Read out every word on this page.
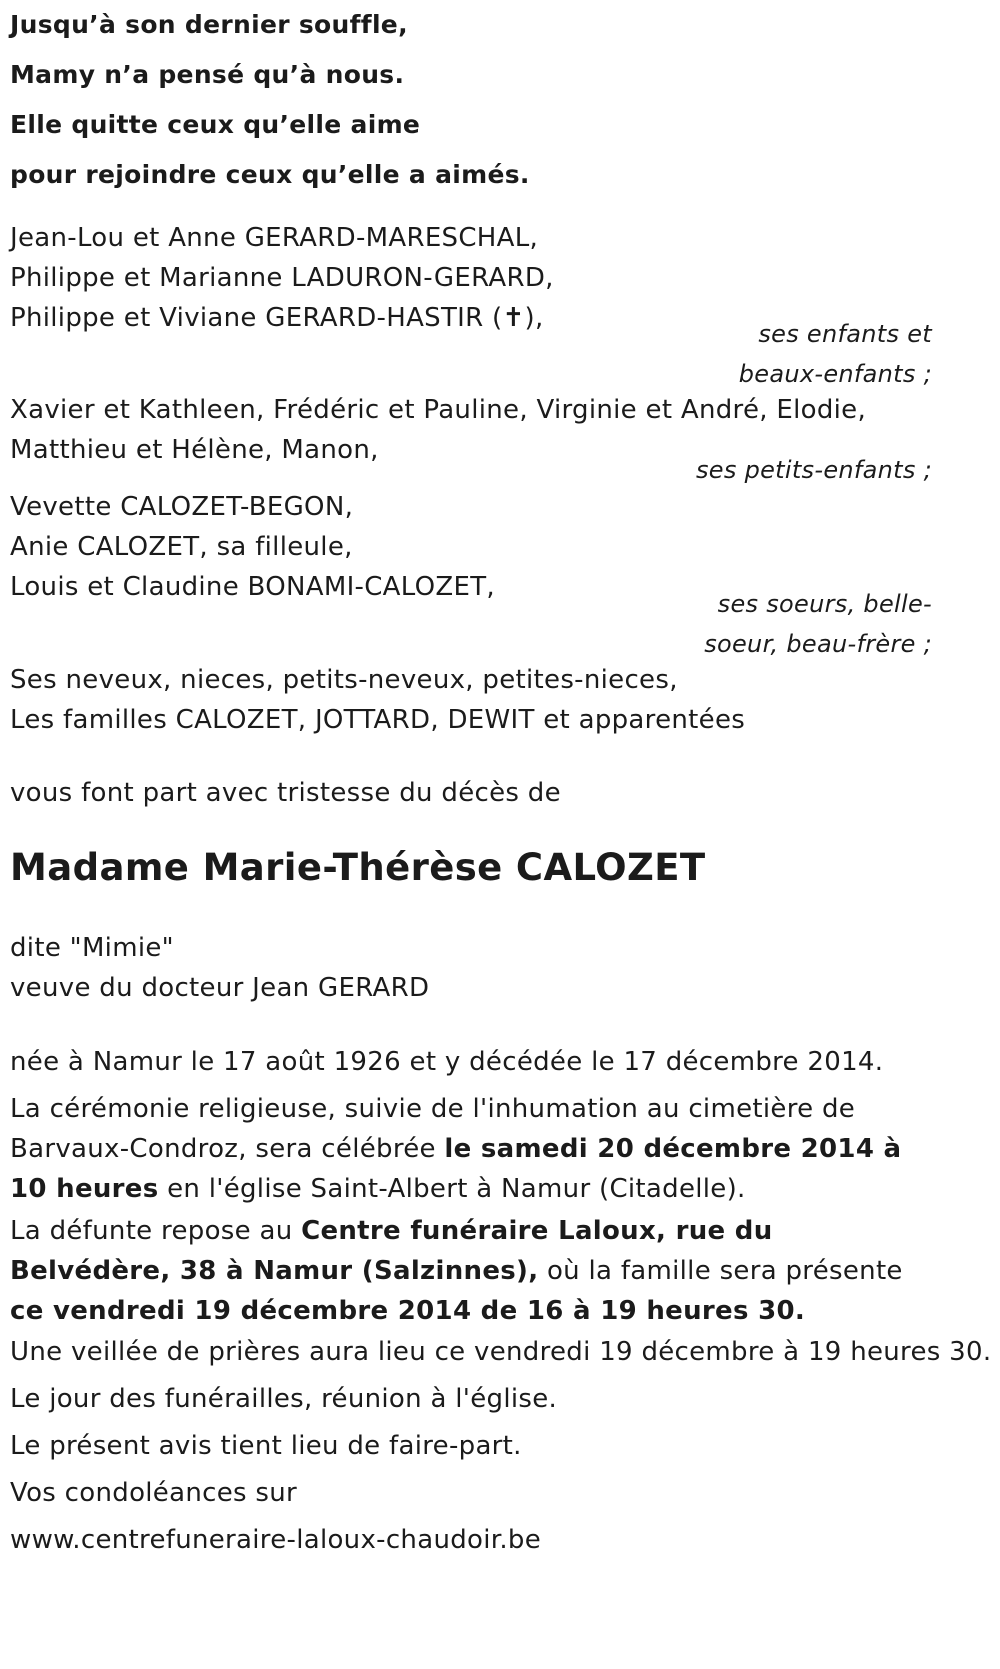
Jusqu’à son dernier souffle,
Mamy n’a pensé qu’à nous.
Elle quitte ceux qu’elle aime
pour rejoindre ceux qu’elle a aimés.
Jean-Lou et Anne GERARD-MARESCHAL,
Philippe et Marianne LADURON-GERARD,
Philippe et Viviane GERARD-HASTIR (✝),
ses enfants et
beaux-enfants ;
Xavier et Kathleen, Frédéric et Pauline, Virginie et André, Elodie,
Matthieu et Hélène, Manon,
ses petits-enfants ;
Vevette CALOZET-BEGON,
Anie CALOZET, sa filleule,
Louis et Claudine BONAMI-CALOZET,
ses soeurs, belle-
soeur, beau-frère ;
Ses neveux, nieces, petits-neveux, petites-nieces,
Les familles CALOZET, JOTTARD, DEWIT et apparentées
vous font part avec tristesse du décès de
Madame Marie-Thérèse CALOZET
dite "Mimie"
veuve du docteur Jean GERARD
née à Namur le 17 août 1926 et y décédée le 17 décembre 2014.
La cérémonie religieuse, suivie de l'inhumation au cimetière de Barvaux-Condroz, sera célébrée le samedi 20 décembre 2014 à 10 heures en l'église Saint-Albert à Namur (Citadelle).
La défunte repose au Centre funéraire Laloux, rue du Belvédère, 38 à Namur (Salzinnes), où la famille sera présente ce vendredi 19 décembre 2014 de 16 à 19 heures 30.
Une veillée de prières aura lieu ce vendredi 19 décembre à 19 heures 30.
Le jour des funérailles, réunion à l'église.
Le présent avis tient lieu de faire-part.
Vos condoléances sur
www.centrefuneraire-laloux-chaudoir.be
